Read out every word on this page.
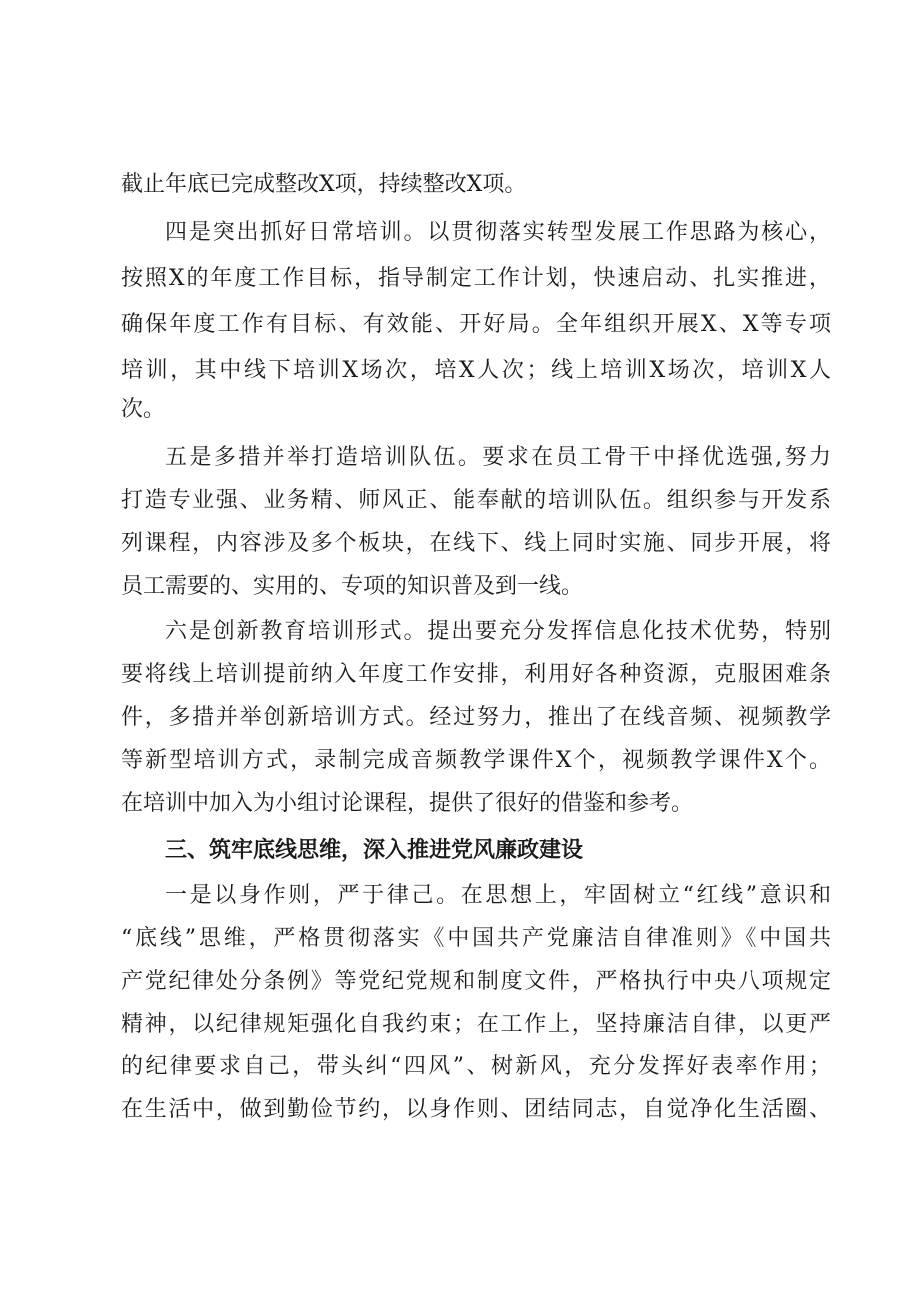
截止年底已完成整改X项，持续整改X项。
四是突出抓好日常培训。以贯彻落实转型发展工作思路为核心，
按照X的年度工作目标，指导制定工作计划，快速启动、扎实推进，
确保年度工作有目标、有效能、开好局。全年组织开展X、X等专项
培训，其中线下培训X场次，培X人次；线上培训X场次，培训X人
次。
五是多措并举打造培训队伍。要求在员工骨干中择优选强,努力
打造专业强、业务精、师风正、能奉献的培训队伍。组织参与开发系
列课程，内容涉及多个板块，在线下、线上同时实施、同步开展，将
员工需要的、实用的、专项的知识普及到一线。
六是创新教育培训形式。提出要充分发挥信息化技术优势，特别
要将线上培训提前纳入年度工作安排，利用好各种资源，克服困难条
件，多措并举创新培训方式。经过努力，推出了在线音频、视频教学
等新型培训方式，录制完成音频教学课件X个，视频教学课件X个。
在培训中加入为小组讨论课程，提供了很好的借鉴和参考。
三、筑牢底线思维，深入推进党风廉政建设
一是以身作则，严于律己。在思想上，牢固树立“红线”意识和
“底线”思维，严格贯彻落实《中国共产党廉洁自律准则》《中国共
产党纪律处分条例》等党纪党规和制度文件，严格执行中央八项规定
精神，以纪律规矩强化自我约束；在工作上，坚持廉洁自律，以更严
的纪律要求自己，带头纠“四风”、树新风，充分发挥好表率作用；
在生活中，做到勤俭节约，以身作则、团结同志，自觉净化生活圈、
